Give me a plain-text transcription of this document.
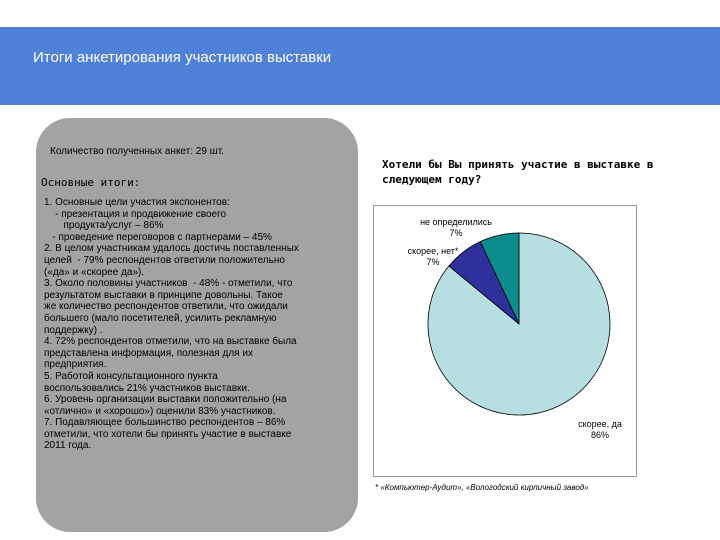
Итоги анкетирования участников выставки
Количество полученных анкет: 29 шт.
Основные итоги:
1. Основные цели участия экспонентов:
- презентация и продвижение своего
продукта/услуг – 86%
- проведение переговоров с партнерами – 45%
2. В целом участникам удалось достичь поставленных
целей  - 79% респондентов ответили положительно
(«да» и «скорее да»).
3. Около половины участников  - 48% - отметили, что
результатом выставки в принципе довольны. Такое
же количество респондентов ответили, что ожидали
большего (мало посетителей, усилить рекламную
поддержку) .
4. 72% респондентов отметили, что на выставке была
представлена информация, полезная для их
предприятия.
5. Работой консультационного пункта
воспользовались 21% участников выставки.
6. Уровень организации выставки положительно (на
«отлично» и «хорошо») оценили 83% участников.
7. Подавляющее большинство респондентов – 86%
отметили, что хотели бы принять участие в выставке
2011 года.
Хотели бы Вы принять участие в выставке в следующем году?
скорее, да
86%
скорее, нет*
7%
не определились
7%
* «Компьютер-Аудит», «Вологодский кирпичный завод»
